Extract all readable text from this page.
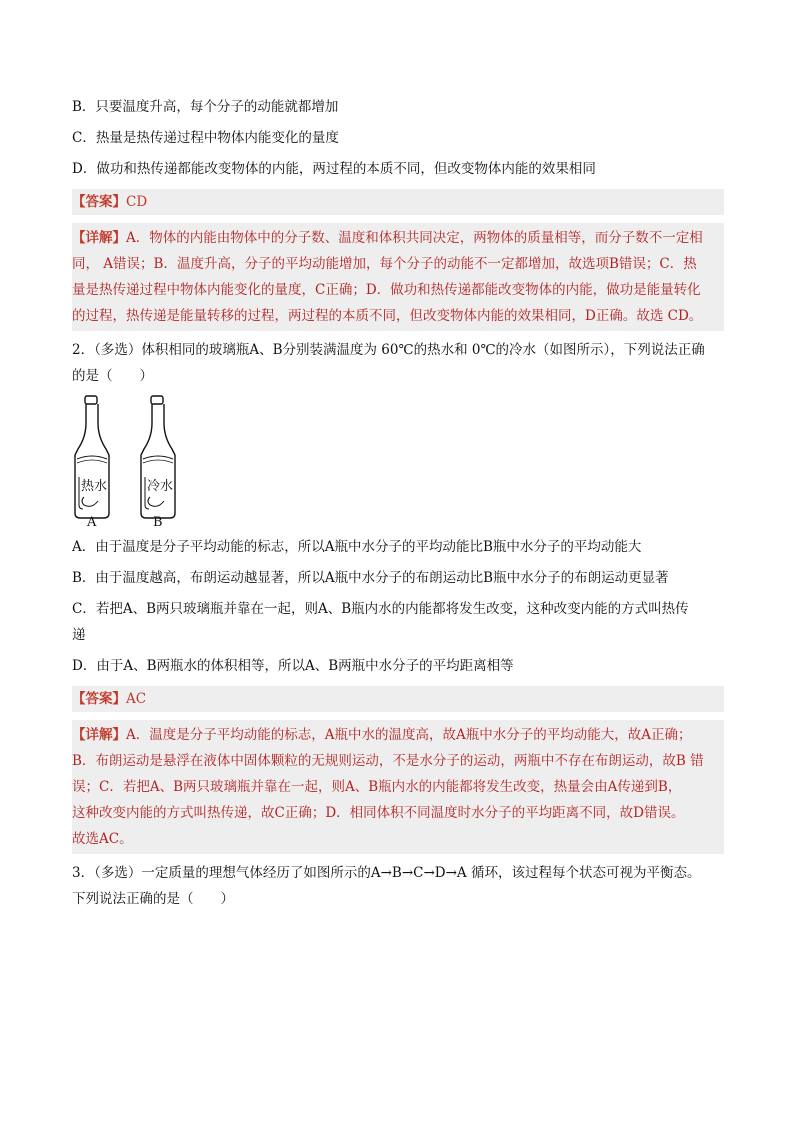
B．只要温度升高，每个分子的动能就都增加
C．热量是热传递过程中物体内能变化的量度
D．做功和热传递都能改变物体的内能，两过程的本质不同，但改变物体内能的效果相同
【答案】CD
【详解】A．物体的内能由物体中的分子数、温度和体积共同决定，两物体的质量相等，而分子数不一定相
同， A错误；B．温度升高，分子的平均动能增加，每个分子的动能不一定都增加，故选项B错误；C．热
量是热传递过程中物体内能变化的量度，C正确；D．做功和热传递都能改变物体的内能，做功是能量转化
的过程，热传递是能量转移的过程，两过程的本质不同，但改变物体内能的效果相同，D正确。故选 CD。
2．（多选）体积相同的玻璃瓶A、B分别装满温度为 60℃的热水和 0℃的冷水（如图所示），下列说法正确
的是（　　）
热水
A
冷水
B
A．由于温度是分子平均动能的标志，所以A瓶中水分子的平均动能比B瓶中水分子的平均动能大
B．由于温度越高，布朗运动越显著，所以A瓶中水分子的布朗运动比B瓶中水分子的布朗运动更显著
C．若把A、B两只玻璃瓶并靠在一起，则A、B瓶内水的内能都将发生改变，这种改变内能的方式叫热传
递
D．由于A、B两瓶水的体积相等，所以A、B两瓶中水分子的平均距离相等
【答案】AC
【详解】A．温度是分子平均动能的标志，A瓶中水的温度高，故A瓶中水分子的平均动能大，故A正确；
B．布朗运动是悬浮在液体中固体颗粒的无规则运动，不是水分子的运动，两瓶中不存在布朗运动，故B 错
误；C．若把A、B两只玻璃瓶并靠在一起，则A、B瓶内水的内能都将发生改变，热量会由A传递到B，
这种改变内能的方式叫热传递，故C正确；D．相同体积不同温度时水分子的平均距离不同，故D错误。
故选AC。
3．（多选）一定质量的理想气体经历了如图所示的A→B→C→D→A 循环，该过程每个状态可视为平衡态。
下列说法正确的是（　　）
